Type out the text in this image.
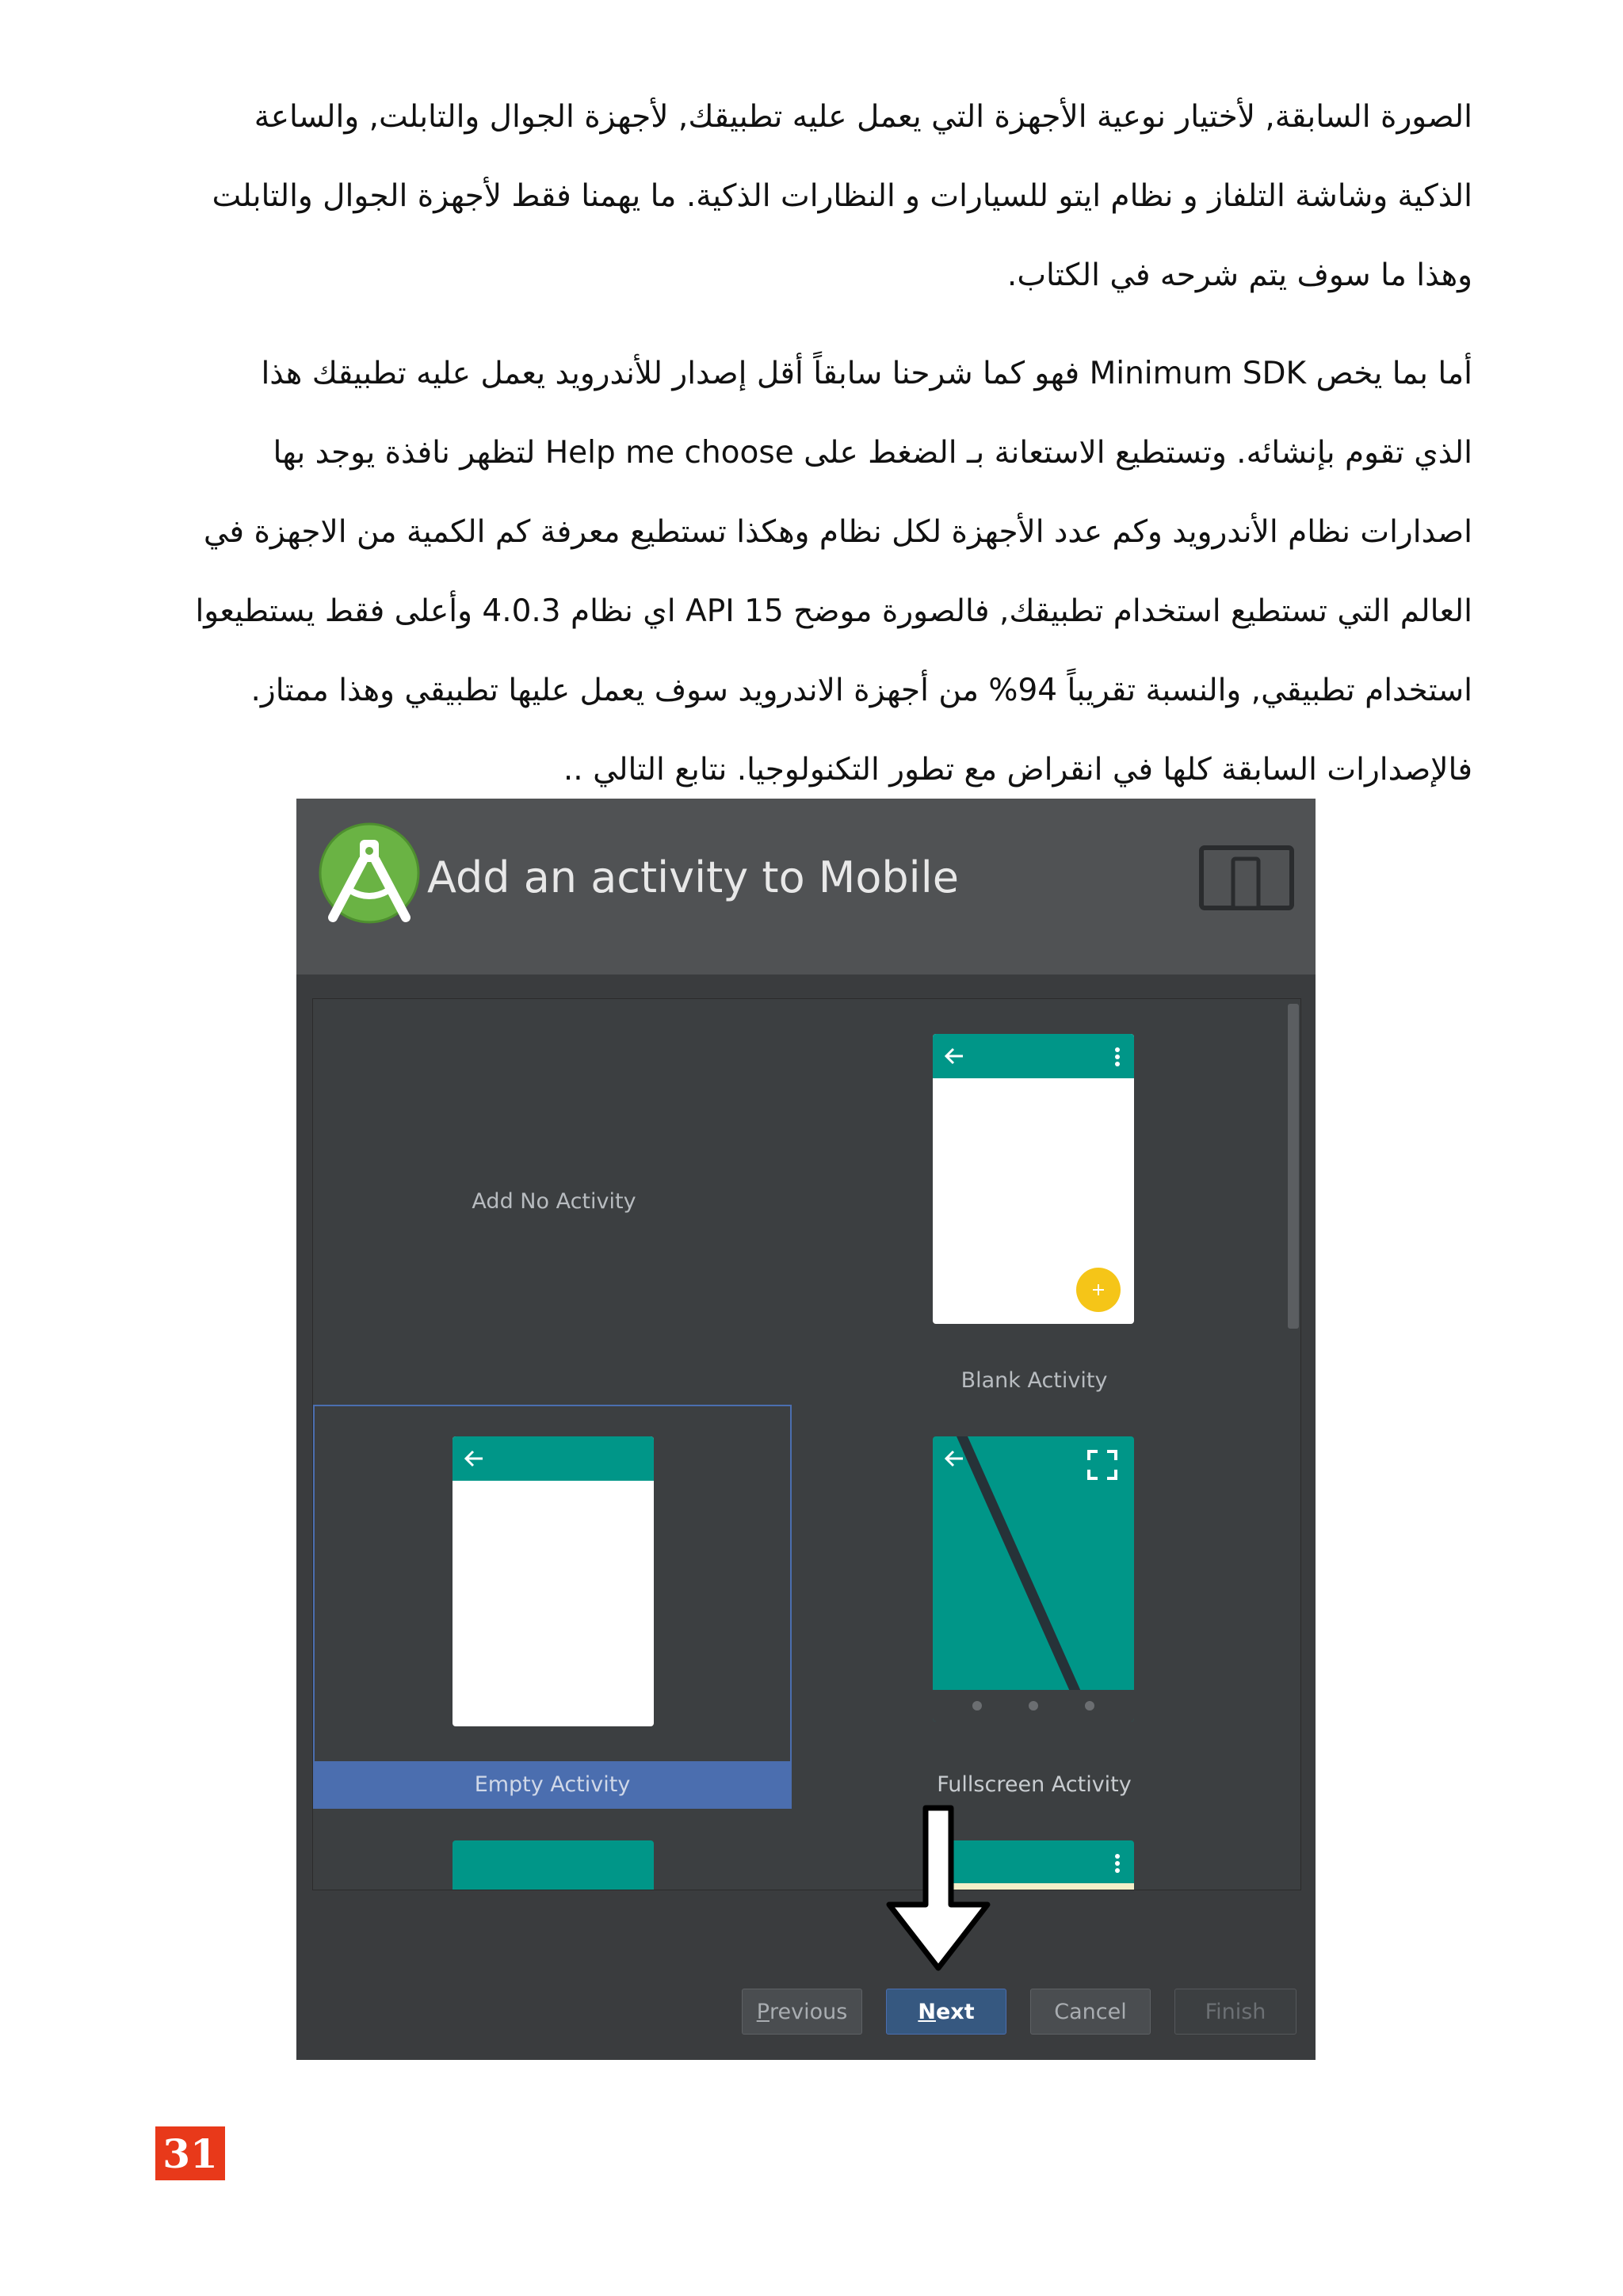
الصورة السابقة, لأختيار نوعية الأجهزة التي يعمل عليه تطبيقك, لأجهزة الجوال والتابلت, والساعة
الذكية وشاشة التلفاز و نظام ايتو للسيارات و النظارات الذكية. ما يهمنا فقط لأجهزة الجوال والتابلت
وهذا ما سوف يتم شرحه في الكتاب.
أما بما يخص Minimum SDK فهو كما شرحنا سابقاً أقل إصدار للأندرويد يعمل عليه تطبيقك هذا
الذي تقوم بإنشائه. وتستطيع الاستعانة بـ الضغط على Help me choose لتظهر نافذة يوجد بها
اصدارات نظام الأندرويد وكم عدد الأجهزة لكل نظام وهكذا تستطيع معرفة كم الكمية من الاجهزة في
العالم التي تستطيع استخدام تطبيقك, فالصورة موضح API 15 اي نظام 4.0.3 وأعلى فقط يستطيعوا
استخدام تطبيقي, والنسبة تقريباً 94% من أجهزة الاندرويد سوف يعمل عليها تطبيقي وهذا ممتاز.
فالإصدارات السابقة كلها في انقراض مع تطور التكنولوجيا. نتابع التالي ..
Add an activity to Mobile
Add No Activity
Blank Activity
Empty Activity	Fullscreen Activity
P revious	N ext	Cancel	Finish
31
